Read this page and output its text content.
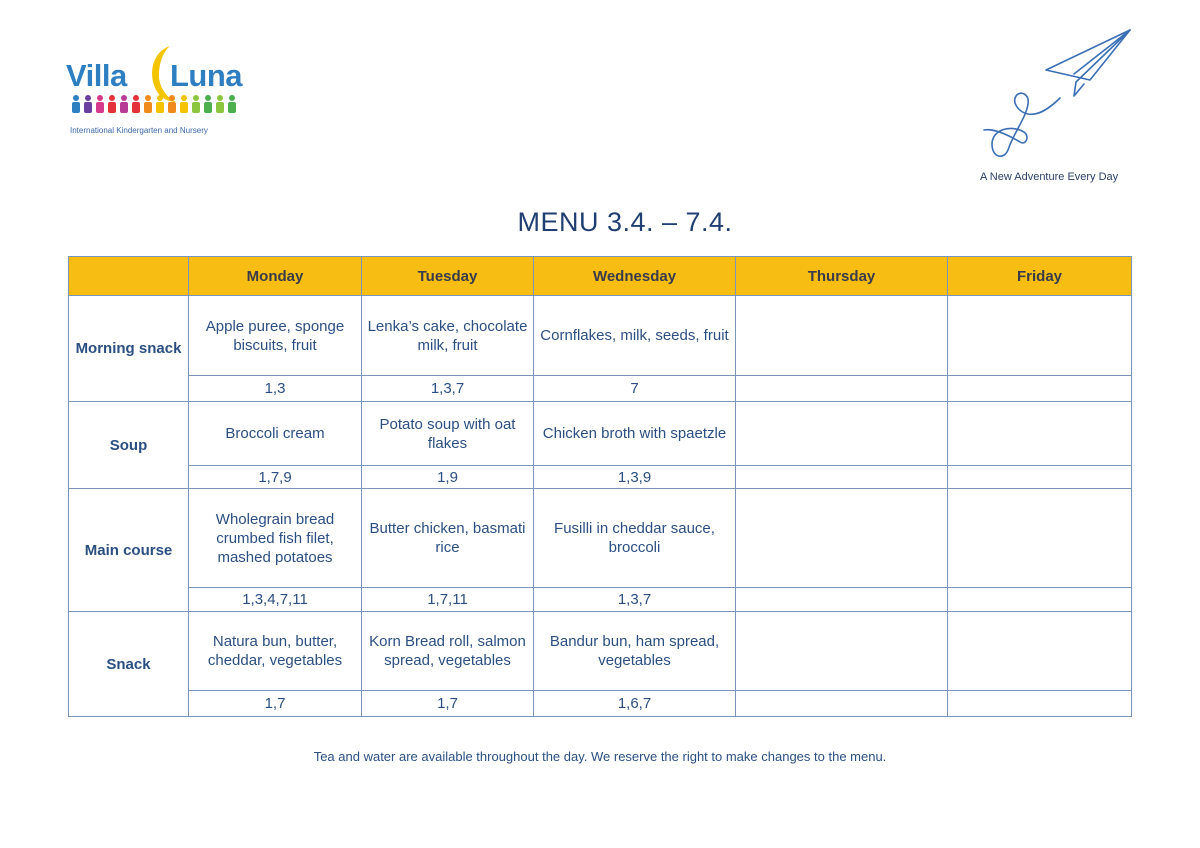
Villa Luna
International Kindergarten and Nursery
A New Adventure Every Day
MENU 3.4. – 7.4.
	Monday	Tuesday	Wednesday	Thursday	Friday
Morning snack	Apple puree, sponge biscuits, fruit	Lenka’s cake, chocolate milk, fruit	Cornflakes, milk, seeds, fruit		
	1,3	1,3,7	7		
Soup	Broccoli cream	Potato soup with oat flakes	Chicken broth with spaetzle		
	1,7,9	1,9	1,3,9		
Main course	Wholegrain bread crumbed fish filet, mashed potatoes	Butter chicken, basmati rice	Fusilli in cheddar sauce, broccoli		
	1,3,4,7,11	1,7,11	1,3,7		
Snack	Natura bun, butter, cheddar, vegetables	Korn Bread roll, salmon spread, vegetables	Bandur bun, ham spread, vegetables		
	1,7	1,7	1,6,7		
Tea and water are available throughout the day. We reserve the right to make changes to the menu.
